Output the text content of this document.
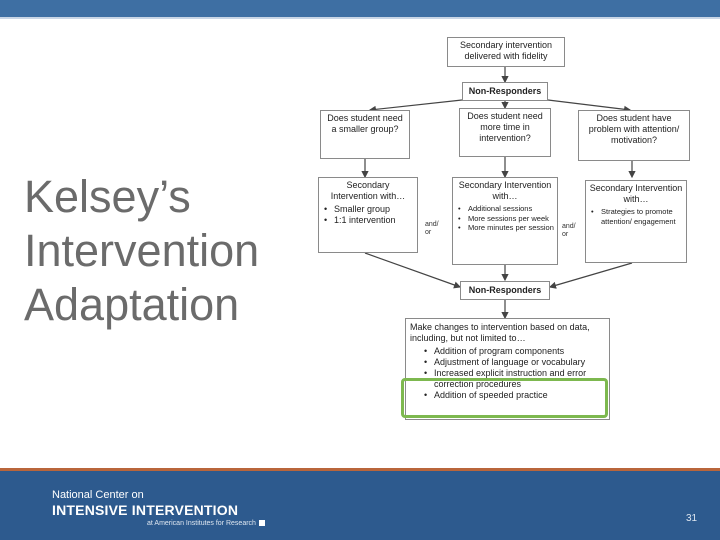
Kelsey’s
Intervention
Adaptation
Secondary intervention delivered with fidelity
Non-Responders
Does student need a smaller group?
Does student need more time in intervention?
Does student have problem with attention/ motivation?
Secondary Intervention with…
• Smaller group
• 1:1 intervention	and/ or
Secondary Intervention with…
• Additional sessions
• More sessions per week
• More minutes per session and/ or
Secondary Intervention with…
• Strategies to promote attention/ engagement
Non-Responders
Make changes to intervention based on data, including, but not limited to…
• Addition of program components
• Adjustment of language or vocabulary
• Increased explicit instruction and error correction procedures
• Addition of speeded practice
National Center on
INTENSIVE INTERVENTION
at American Institutes for Research	31
